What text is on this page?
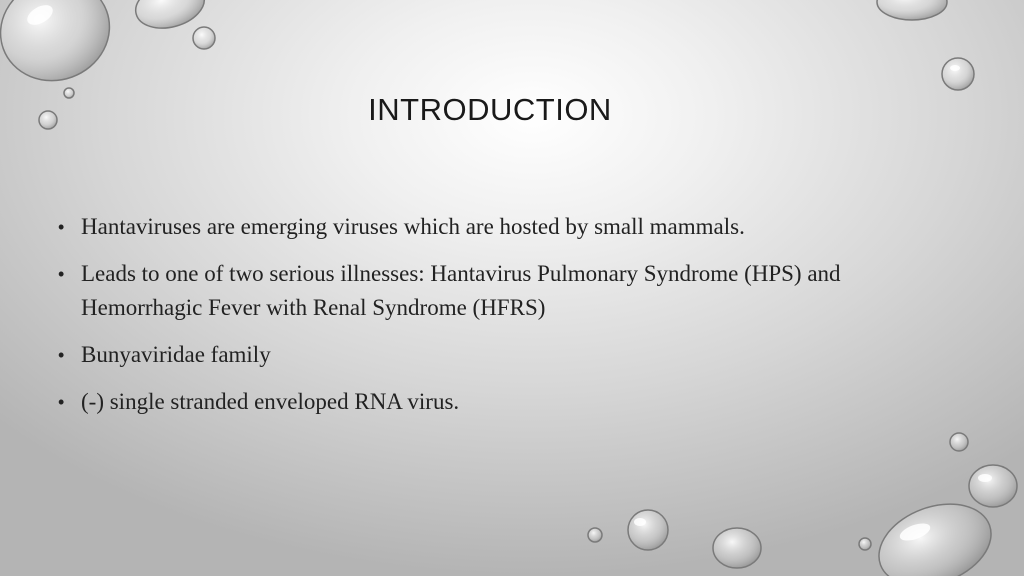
INTRODUCTION
• Hantaviruses are emerging viruses which are hosted by small mammals.
• Leads to one of two serious illnesses: Hantavirus Pulmonary Syndrome (HPS) and Hemorrhagic Fever with Renal Syndrome (HFRS)
• Bunyaviridae family
• (-) single stranded enveloped RNA virus.
